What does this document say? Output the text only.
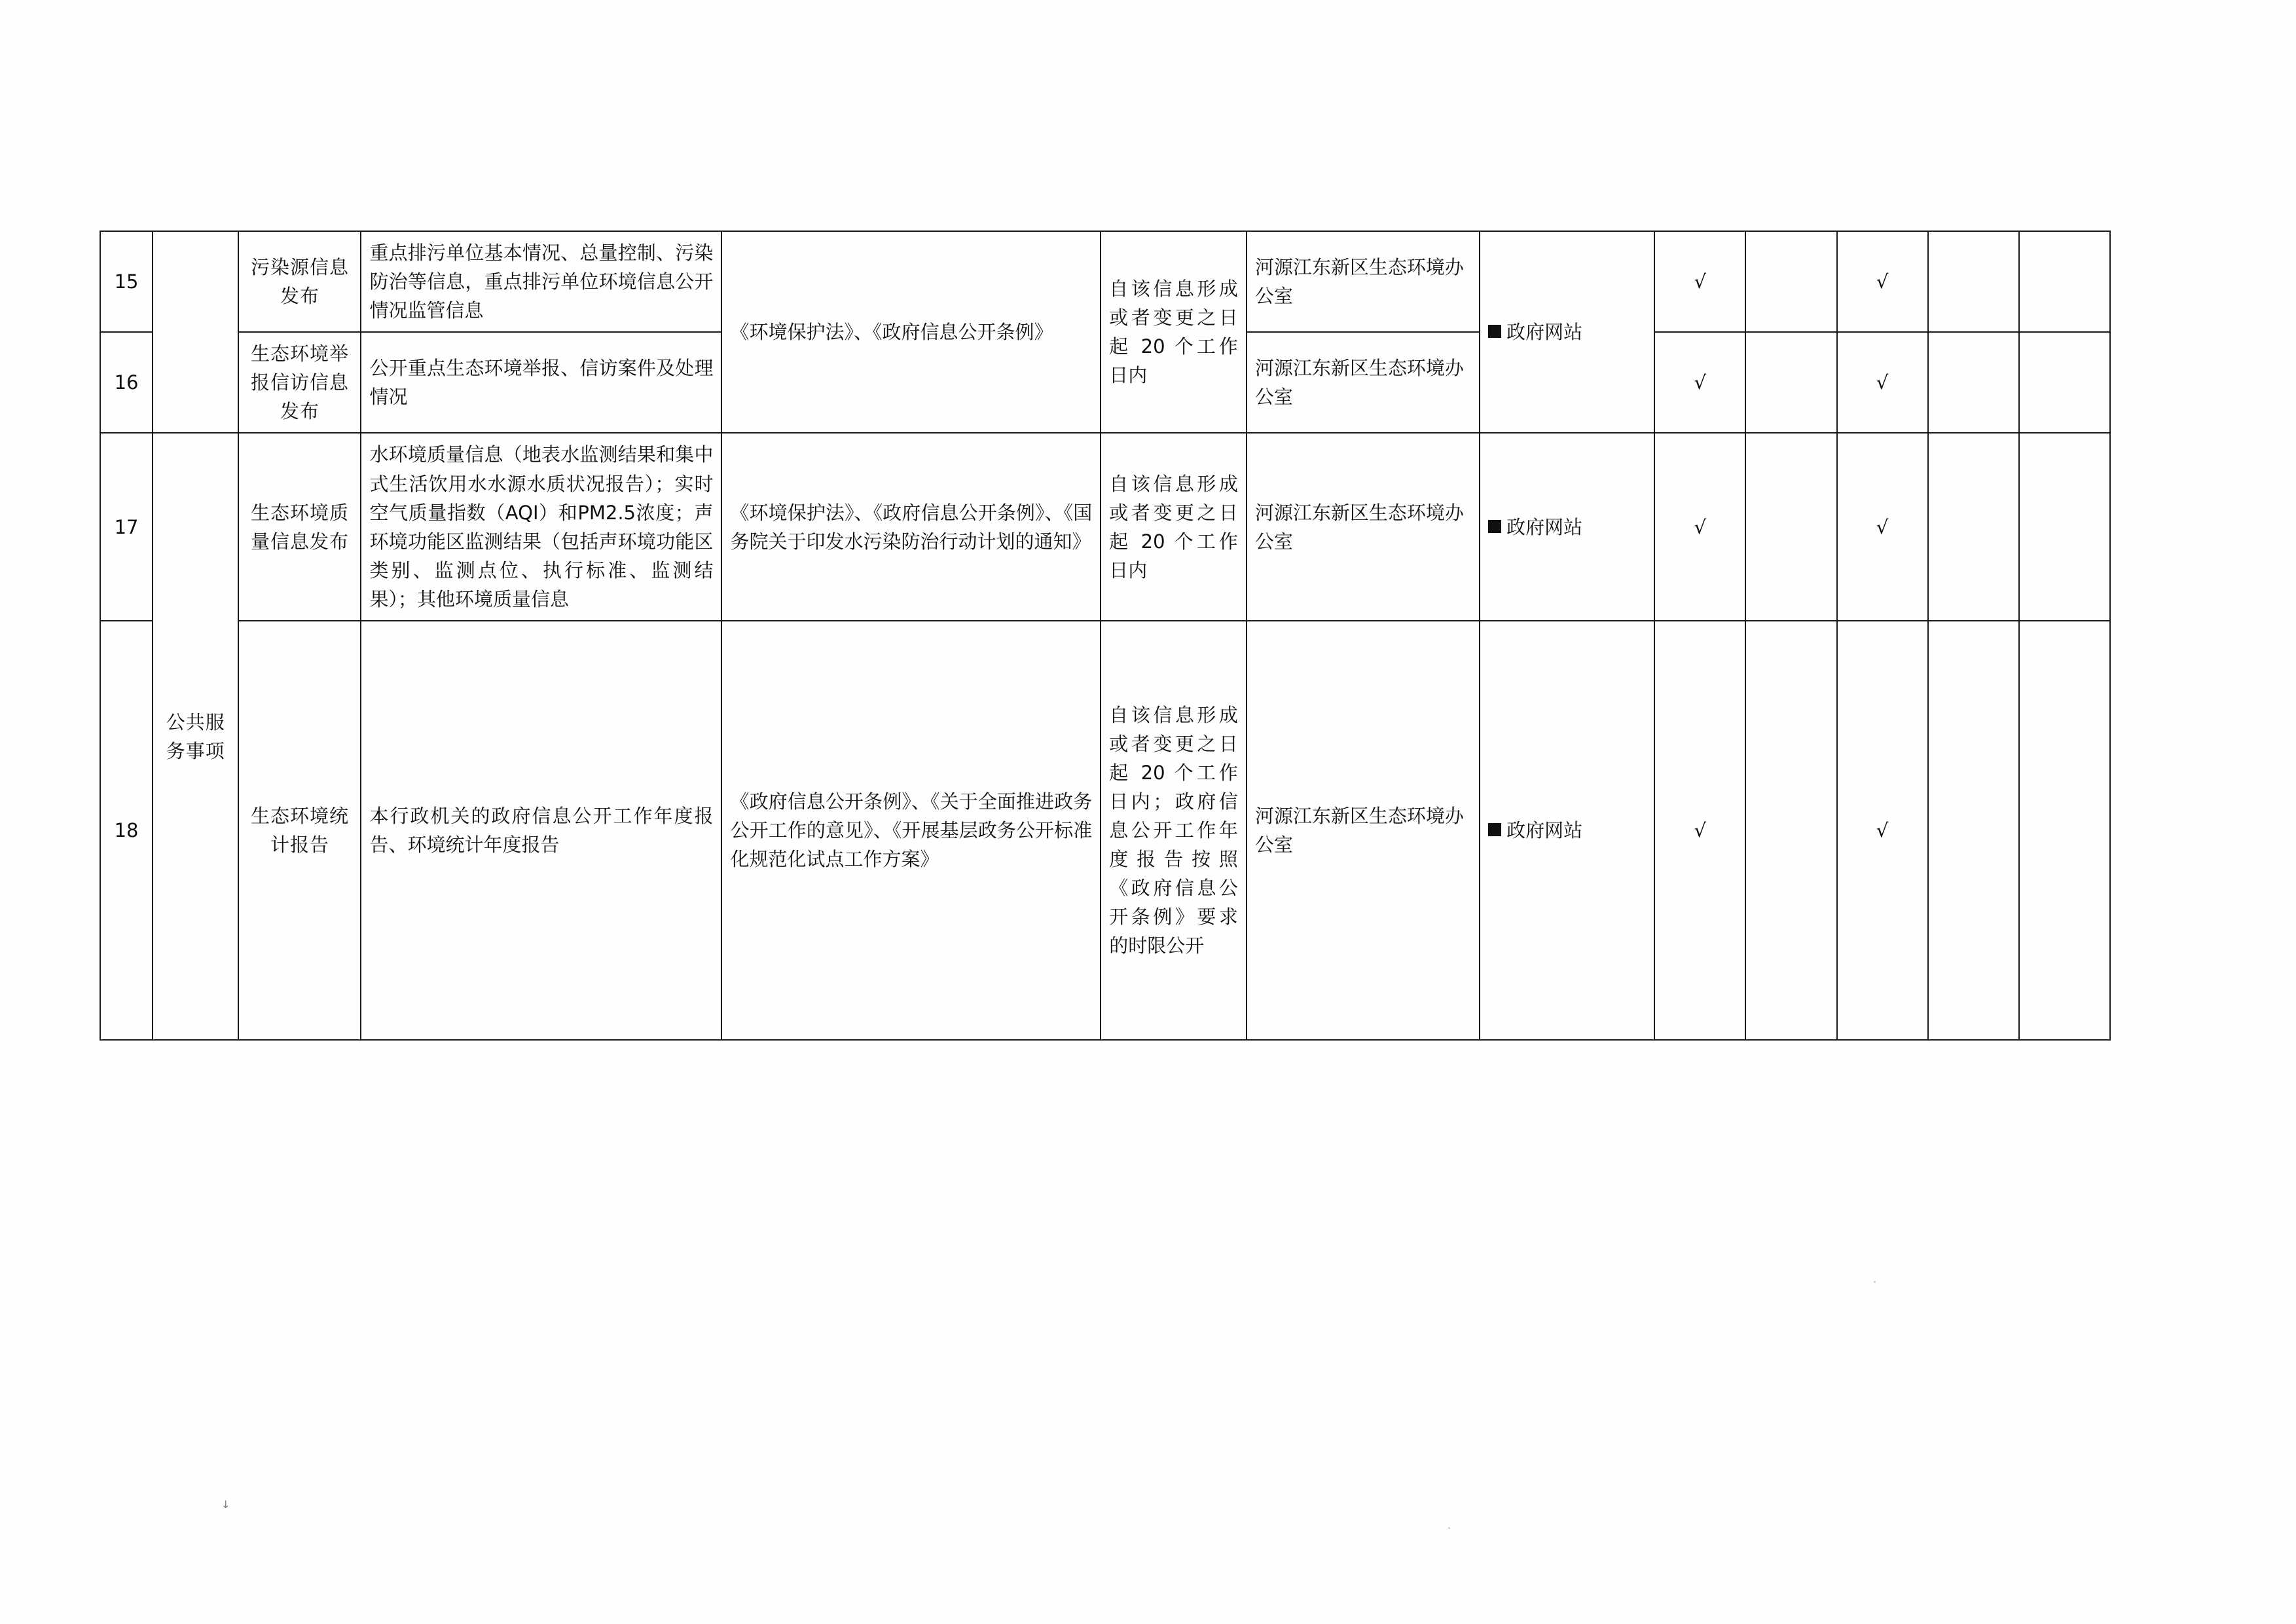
15		污染源信息发布	重点排污单位基本情况、总量控制、污染防治等信息，重点排污单位环境信息公开情况监管信息	《环境保护法》、《政府信息公开条例》	自该信息形成或者变更之日起 20 个工作日内	河源江东新区生态环境办公室	政府网站	√		√		
16		生态环境举报信访信息发布	公开重点生态环境举报、信访案件及处理情况			河源江东新区生态环境办公室		√		√		
17	公共服务事项	生态环境质量信息发布	水环境质量信息（地表水监测结果和集中式生活饮用水水源水质状况报告）；实时空气质量指数（AQI）和PM2.5浓度；声环境功能区监测结果（包括声环境功能区类别、监测点位、执行标准、监测结果）；其他环境质量信息	《环境保护法》、《政府信息公开条例》、《国务院关于印发水污染防治行动计划的通知》	自该信息形成或者变更之日起 20 个工作日内	河源江东新区生态环境办公室	政府网站	√		√		
18		生态环境统计报告	本行政机关的政府信息公开工作年度报告、环境统计年度报告	《政府信息公开条例》、《关于全面推进政务公开工作的意见》、《开展基层政务公开标准化规范化试点工作方案》	自该信息形成或者变更之日起 20 个工作日内；政府信息公开工作年度报告按照《政府信息公开条例》要求的时限公开	河源江东新区生态环境办公室	政府网站	√		√		
↓
